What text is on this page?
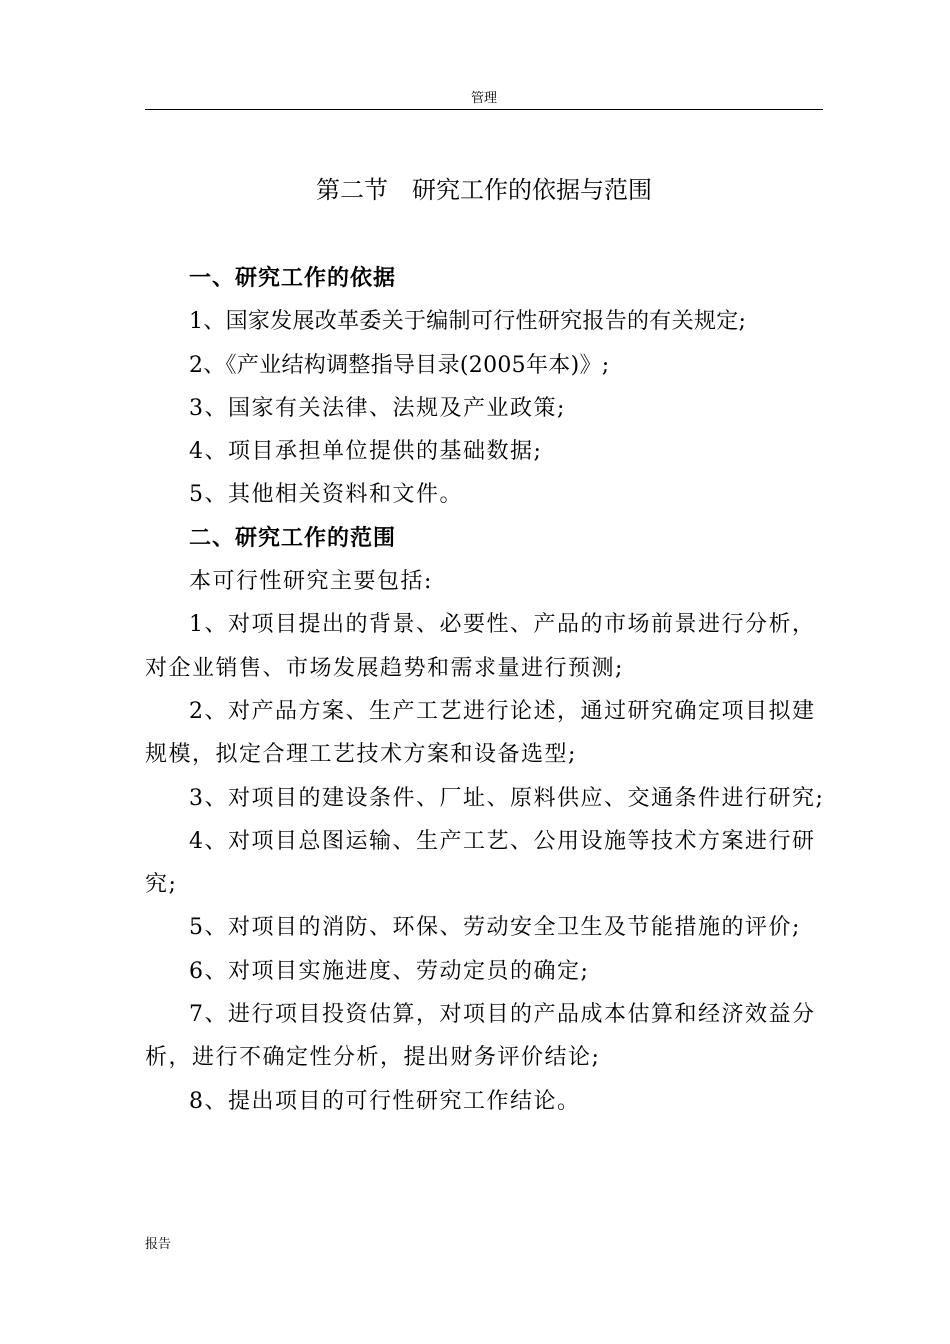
管理
第二节　研究工作的依据与范围

一、研究工作的依据

1、国家发展改革委关于编制可行性研究报告的有关规定;

2、《产业结构调整指导目录(2005年本)》;

3、国家有关法律、法规及产业政策;

4、项目承担单位提供的基础数据;

5、其他相关资料和文件。

二、研究工作的范围

本可行性研究主要包括:

1、对项目提出的背景、必要性、产品的市场前景进行分析，对企业销售、市场发展趋势和需求量进行预测;

2、对产品方案、生产工艺进行论述，通过研究确定项目拟建规模，拟定合理工艺技术方案和设备选型;

3、对项目的建设条件、厂址、原料供应、交通条件进行研究;

4、对项目总图运输、生产工艺、公用设施等技术方案进行研究;

5、对项目的消防、环保、劳动安全卫生及节能措施的评价;

6、对项目实施进度、劳动定员的确定;

7、进行项目投资估算，对项目的产品成本估算和经济效益分析，进行不确定性分析，提出财务评价结论;

8、提出项目的可行性研究工作结论。

报告
